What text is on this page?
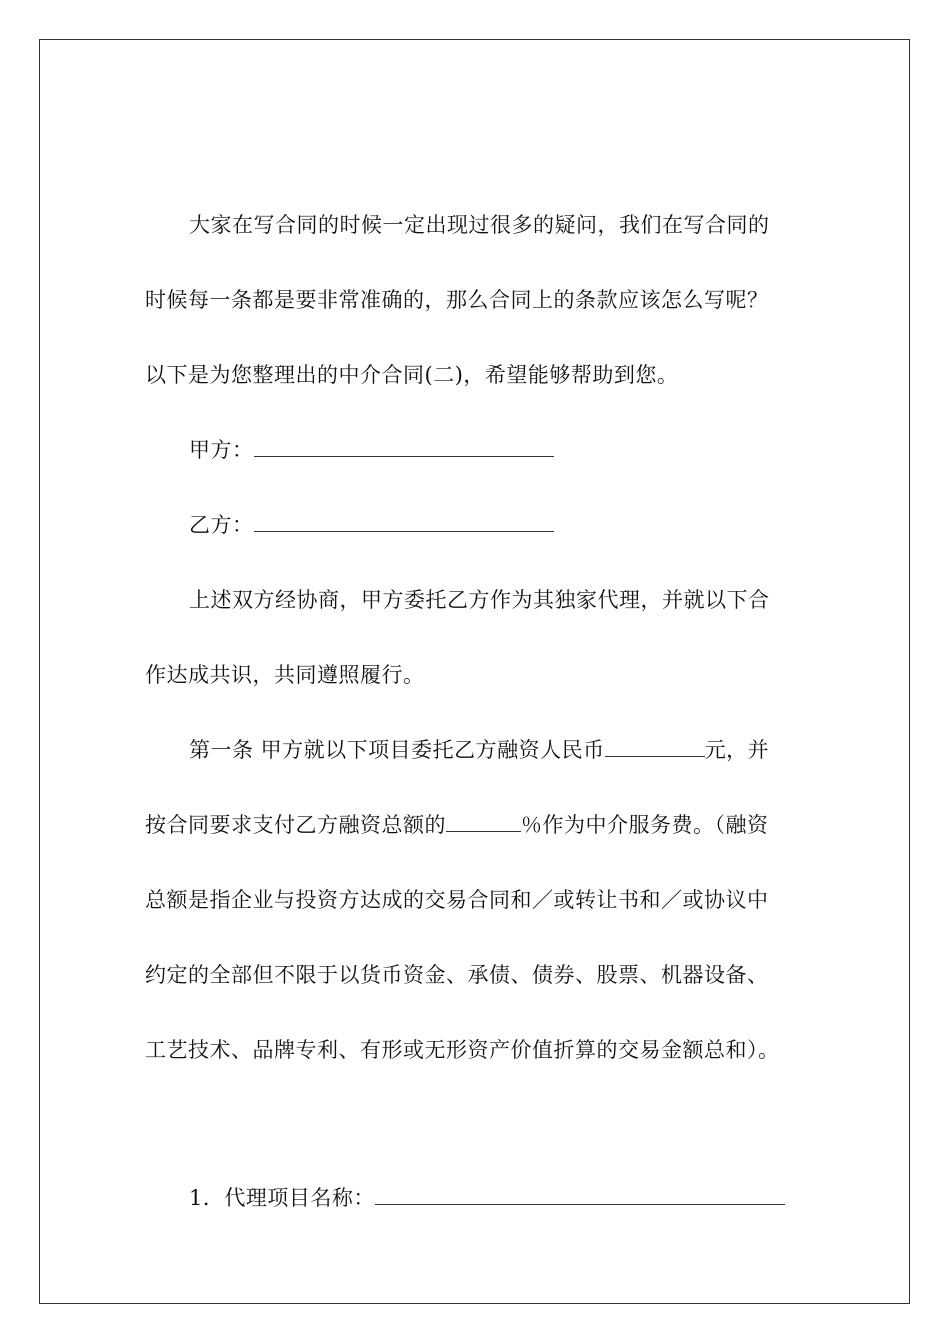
大家在写合同的时候一定出现过很多的疑问，我们在写合同的
时候每一条都是要非常准确的，那么合同上的条款应该怎么写呢？
以下是为您整理出的中介合同(二)，希望能够帮助到您。
甲方：
乙方：
上述双方经协商，甲方委托乙方作为其独家代理，并就以下合
作达成共识，共同遵照履行。
第一条 甲方就以下项目委托乙方融资人民币	元，并
按合同要求支付乙方融资总额的	％作为中介服务费。（融资
总额是指企业与投资方达成的交易合同和／或转让书和／或协议中
约定的全部但不限于以货币资金、承债、债券、股票、机器设备、
工艺技术、品牌专利、有形或无形资产价值折算的交易金额总和）。
1．代理项目名称：
